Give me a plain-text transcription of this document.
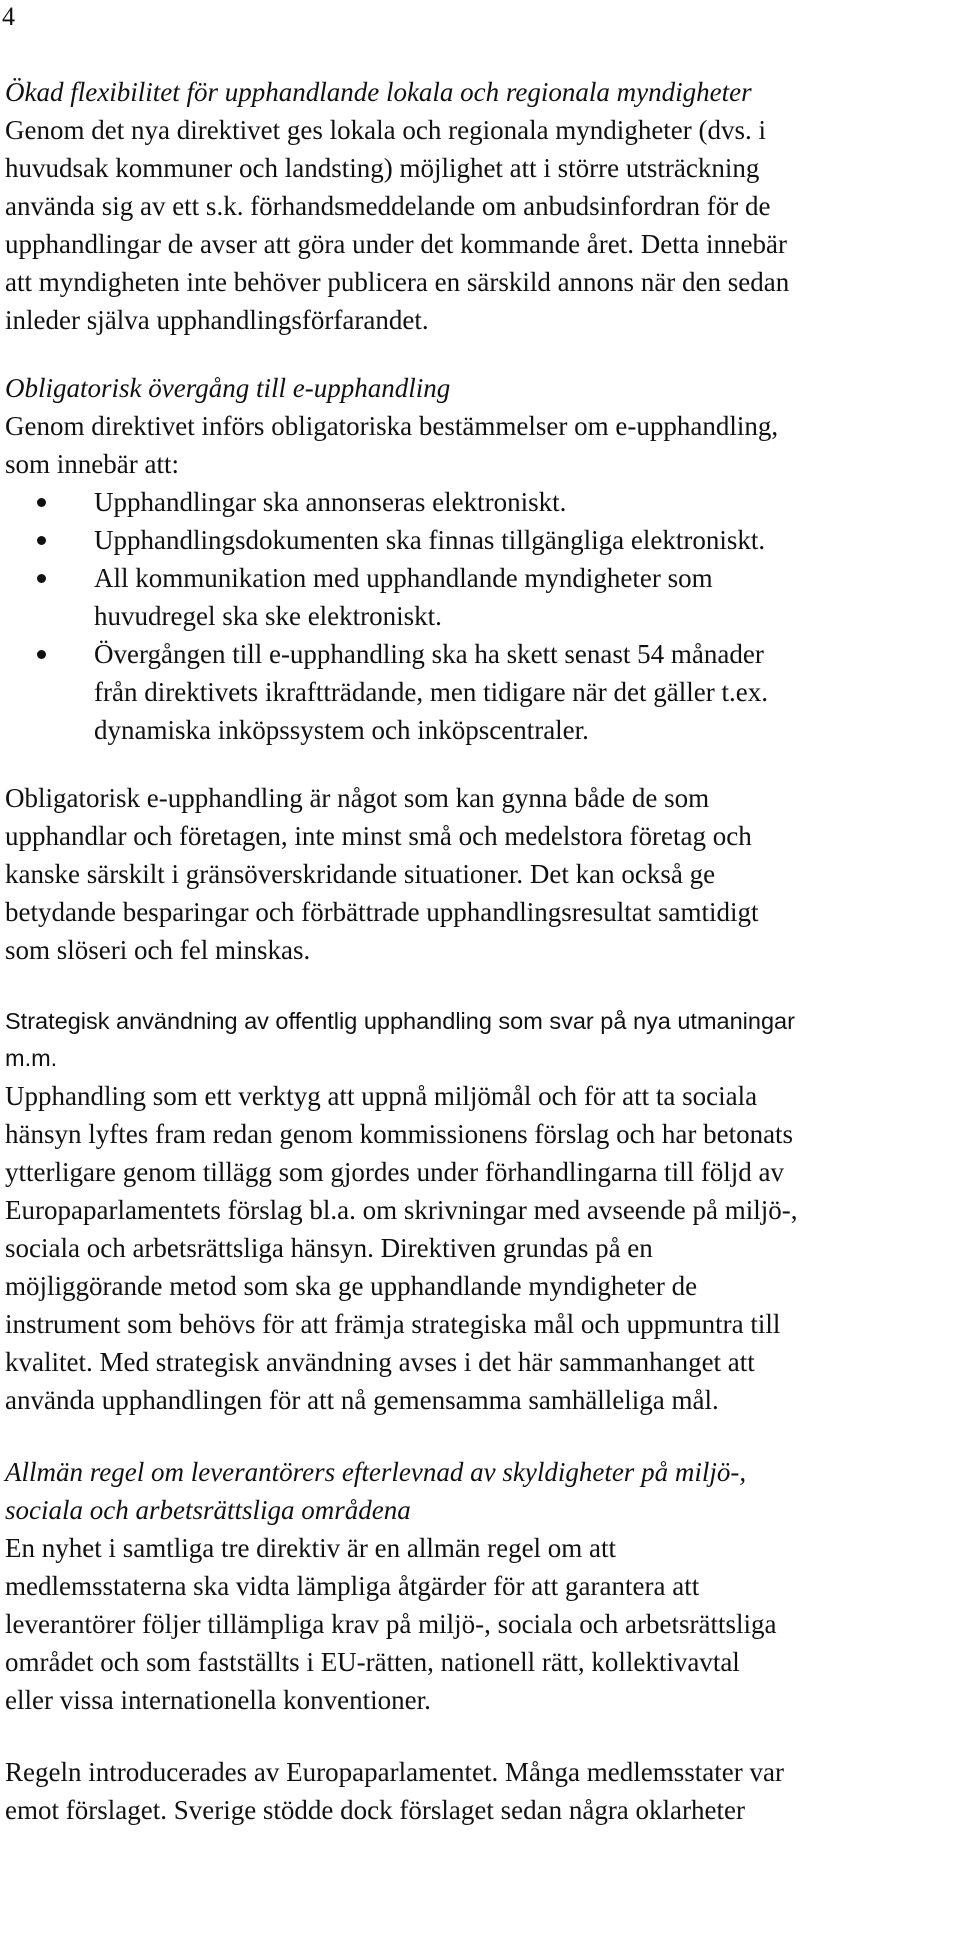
4

Ökad flexibilitet för upphandlande lokala och regionala myndigheter

Genom det nya direktivet ges lokala och regionala myndigheter (dvs. i
huvudsak kommuner och landsting) möjlighet att i större utsträckning
använda sig av ett s.k. förhandsmeddelande om anbudsinfordran för de
upphandlingar de avser att göra under det kommande året. Detta innebär
att myndigheten inte behöver publicera en särskild annons när den sedan
inleder själva upphandlingsförfarandet.

Obligatorisk övergång till e-upphandling

Genom direktivet införs obligatoriska bestämmelser om e-upphandling,
som innebär att:
Upphandlingar ska annonseras elektroniskt.
Upphandlingsdokumenten ska finnas tillgängliga elektroniskt.
All kommunikation med upphandlande myndigheter som
huvudregel ska ske elektroniskt.
Övergången till e-upphandling ska ha skett senast 54 månader
från direktivets ikraftträdande, men tidigare när det gäller t.ex.
dynamiska inköpssystem och inköpscentraler.
Obligatorisk e-upphandling är något som kan gynna både de som
upphandlar och företagen, inte minst små och medelstora företag och
kanske särskilt i gränsöverskridande situationer. Det kan också ge
betydande besparingar och förbättrade upphandlingsresultat samtidigt
som slöseri och fel minskas.
Strategisk användning av offentlig upphandling som svar på nya utmaningar
m.m.
Upphandling som ett verktyg att uppnå miljömål och för att ta sociala
hänsyn lyftes fram redan genom kommissionens förslag och har betonats
ytterligare genom tillägg som gjordes under förhandlingarna till följd av
Europaparlamentets förslag bl.a. om skrivningar med avseende på miljö-,
sociala och arbetsrättsliga hänsyn. Direktiven grundas på en
möjliggörande metod som ska ge upphandlande myndigheter de
instrument som behövs för att främja strategiska mål och uppmuntra till
kvalitet. Med strategisk användning avses i det här sammanhanget att
använda upphandlingen för att nå gemensamma samhälleliga mål.
Allmän regel om leverantörers efterlevnad av skyldigheter på miljö-,
sociala och arbetsrättsliga områdena
En nyhet i samtliga tre direktiv är en allmän regel om att
medlemsstaterna ska vidta lämpliga åtgärder för att garantera att
leverantörer följer tillämpliga krav på miljö-, sociala och arbetsrättsliga
området och som fastställts i EU-rätten, nationell rätt, kollektivavtal
eller vissa internationella konventioner.
Regeln introducerades av Europaparlamentet. Många medlemsstater var
emot förslaget. Sverige stödde dock förslaget sedan några oklarheter
